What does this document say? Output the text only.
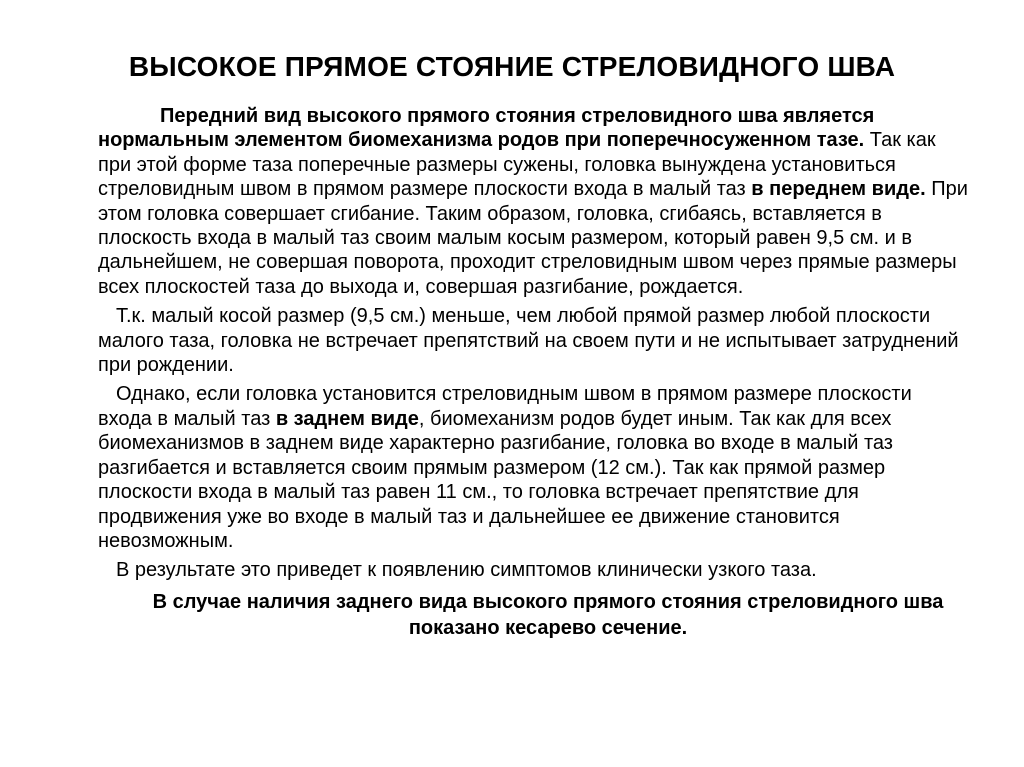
ВЫСОКОЕ ПРЯМОЕ СТОЯНИЕ СТРЕЛОВИДНОГО ШВА

Передний вид высокого прямого стояния стреловидного шва является нормальным элементом биомеханизма родов при поперечносуженном тазе. Так как при этой форме таза поперечные размеры сужены, головка вынуждена установиться стреловидным швом в прямом размере плоскости входа в малый таз в переднем виде. При этом головка совершает сгибание. Таким образом, головка, сгибаясь, вставляется в плоскость входа в малый таз своим малым косым размером, который равен 9,5 см. и в дальнейшем, не совершая поворота, проходит стреловидным швом через прямые размеры всех плоскостей таза до выхода и, совершая разгибание, рождается.

Т.к. малый косой размер (9,5 см.) меньше, чем любой прямой размер любой плоскости малого таза, головка не встречает препятствий на своем пути и не испытывает затруднений при рождении.

Однако, если головка установится стреловидным швом в прямом размере плоскости входа в малый таз в заднем виде, биомеханизм родов будет иным. Так как для всех биомеханизмов в заднем виде характерно разгибание, головка во входе в малый таз разгибается и вставляется своим прямым размером (12 см.). Так как прямой размер плоскости входа в малый таз равен 11 см., то головка встречает препятствие для продвижения уже во входе в малый таз и дальнейшее ее движение становится невозможным.

В результате это приведет к появлению симптомов клинически узкого таза.

В случае наличия заднего вида высокого прямого стояния стреловидного шва показано кесарево сечение.
